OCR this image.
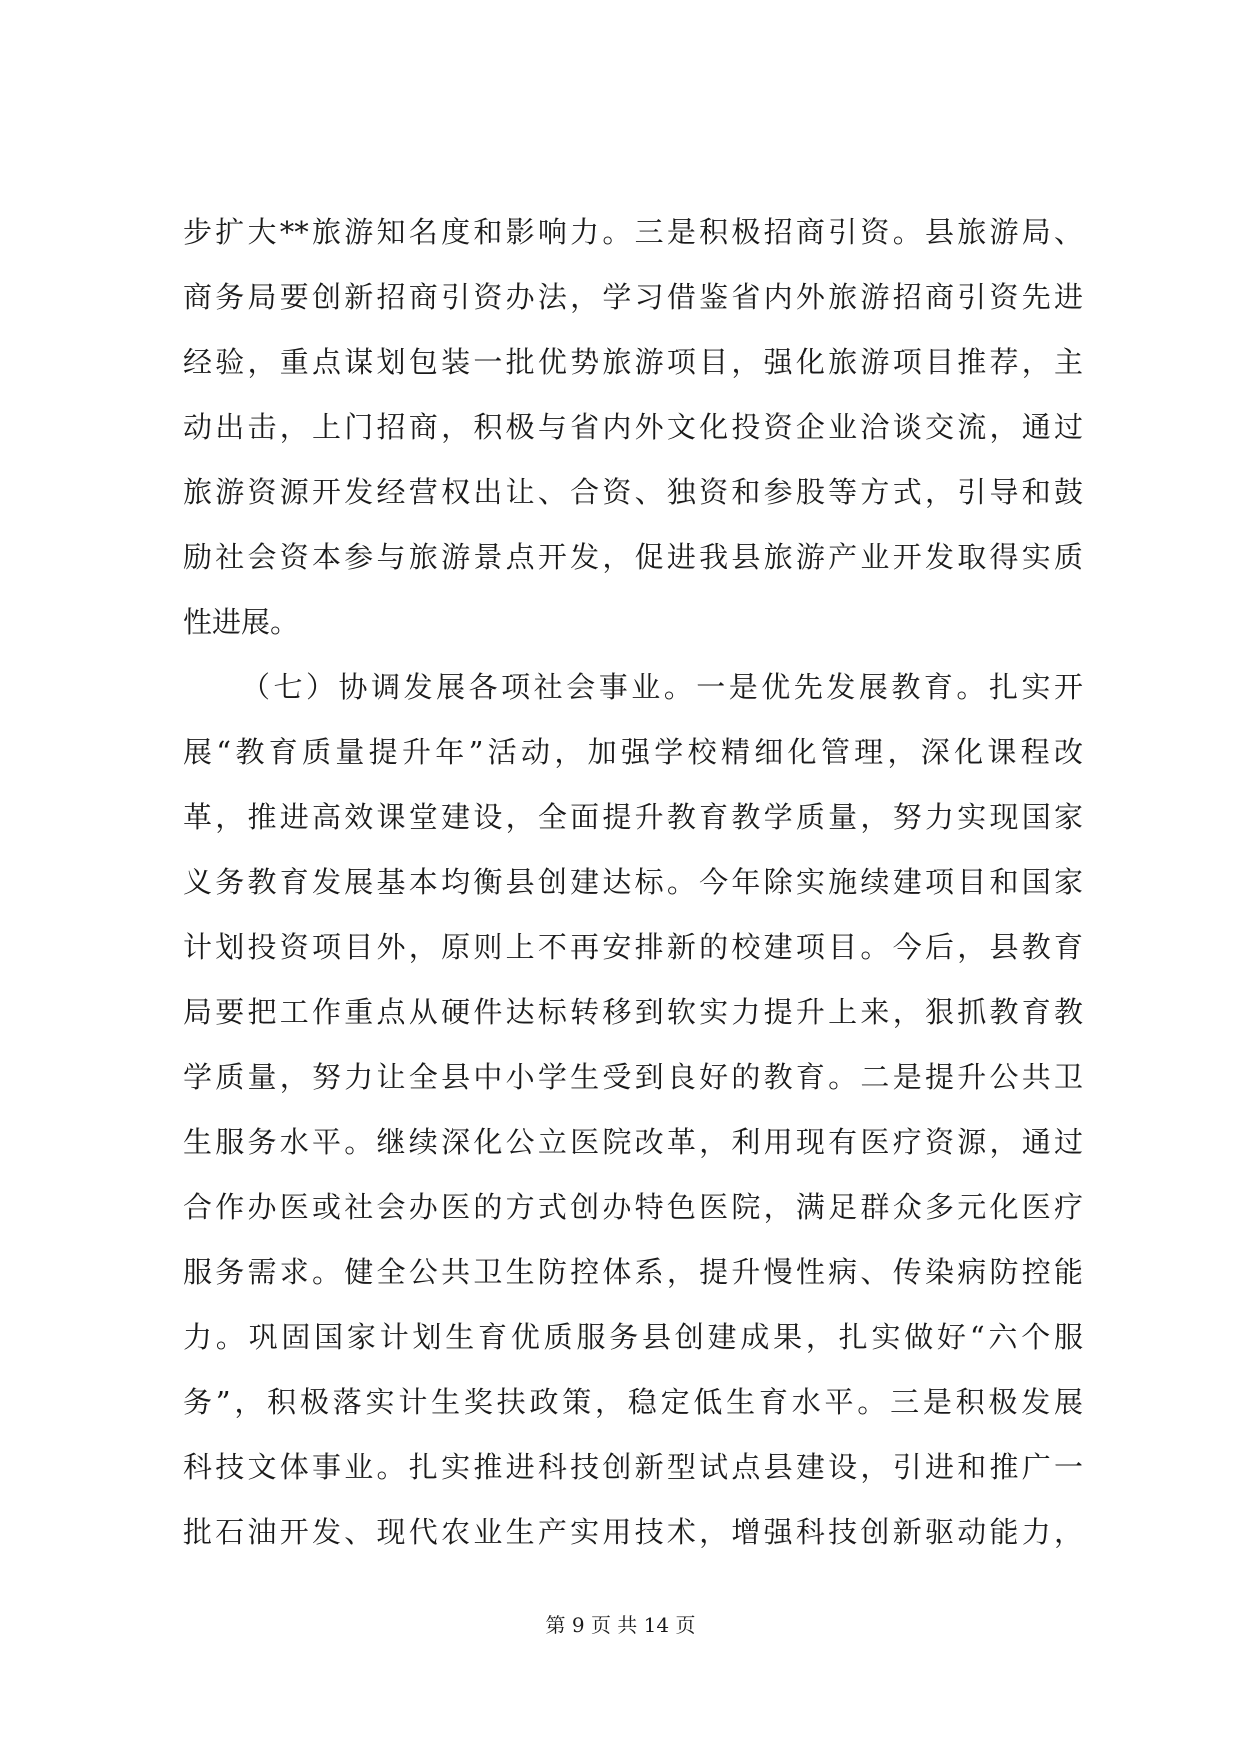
步扩大**旅游知名度和影响力。三是积极招商引资。县旅游局、
商务局要创新招商引资办法，学习借鉴省内外旅游招商引资先进
经验，重点谋划包装一批优势旅游项目，强化旅游项目推荐，主
动出击，上门招商，积极与省内外文化投资企业洽谈交流，通过
旅游资源开发经营权出让、合资、独资和参股等方式，引导和鼓
励社会资本参与旅游景点开发，促进我县旅游产业开发取得实质
性进展。
（七）协调发展各项社会事业。一是优先发展教育。扎实开
展“教育质量提升年”活动，加强学校精细化管理，深化课程改
革，推进高效课堂建设，全面提升教育教学质量，努力实现国家
义务教育发展基本均衡县创建达标。今年除实施续建项目和国家
计划投资项目外，原则上不再安排新的校建项目。今后，县教育
局要把工作重点从硬件达标转移到软实力提升上来，狠抓教育教
学质量，努力让全县中小学生受到良好的教育。二是提升公共卫
生服务水平。继续深化公立医院改革，利用现有医疗资源，通过
合作办医或社会办医的方式创办特色医院，满足群众多元化医疗
服务需求。健全公共卫生防控体系，提升慢性病、传染病防控能
力。巩固国家计划生育优质服务县创建成果，扎实做好“六个服
务”，积极落实计生奖扶政策，稳定低生育水平。三是积极发展
科技文体事业。扎实推进科技创新型试点县建设，引进和推广一
批石油开发、现代农业生产实用技术，增强科技创新驱动能力，
第 9 页 共 14 页
